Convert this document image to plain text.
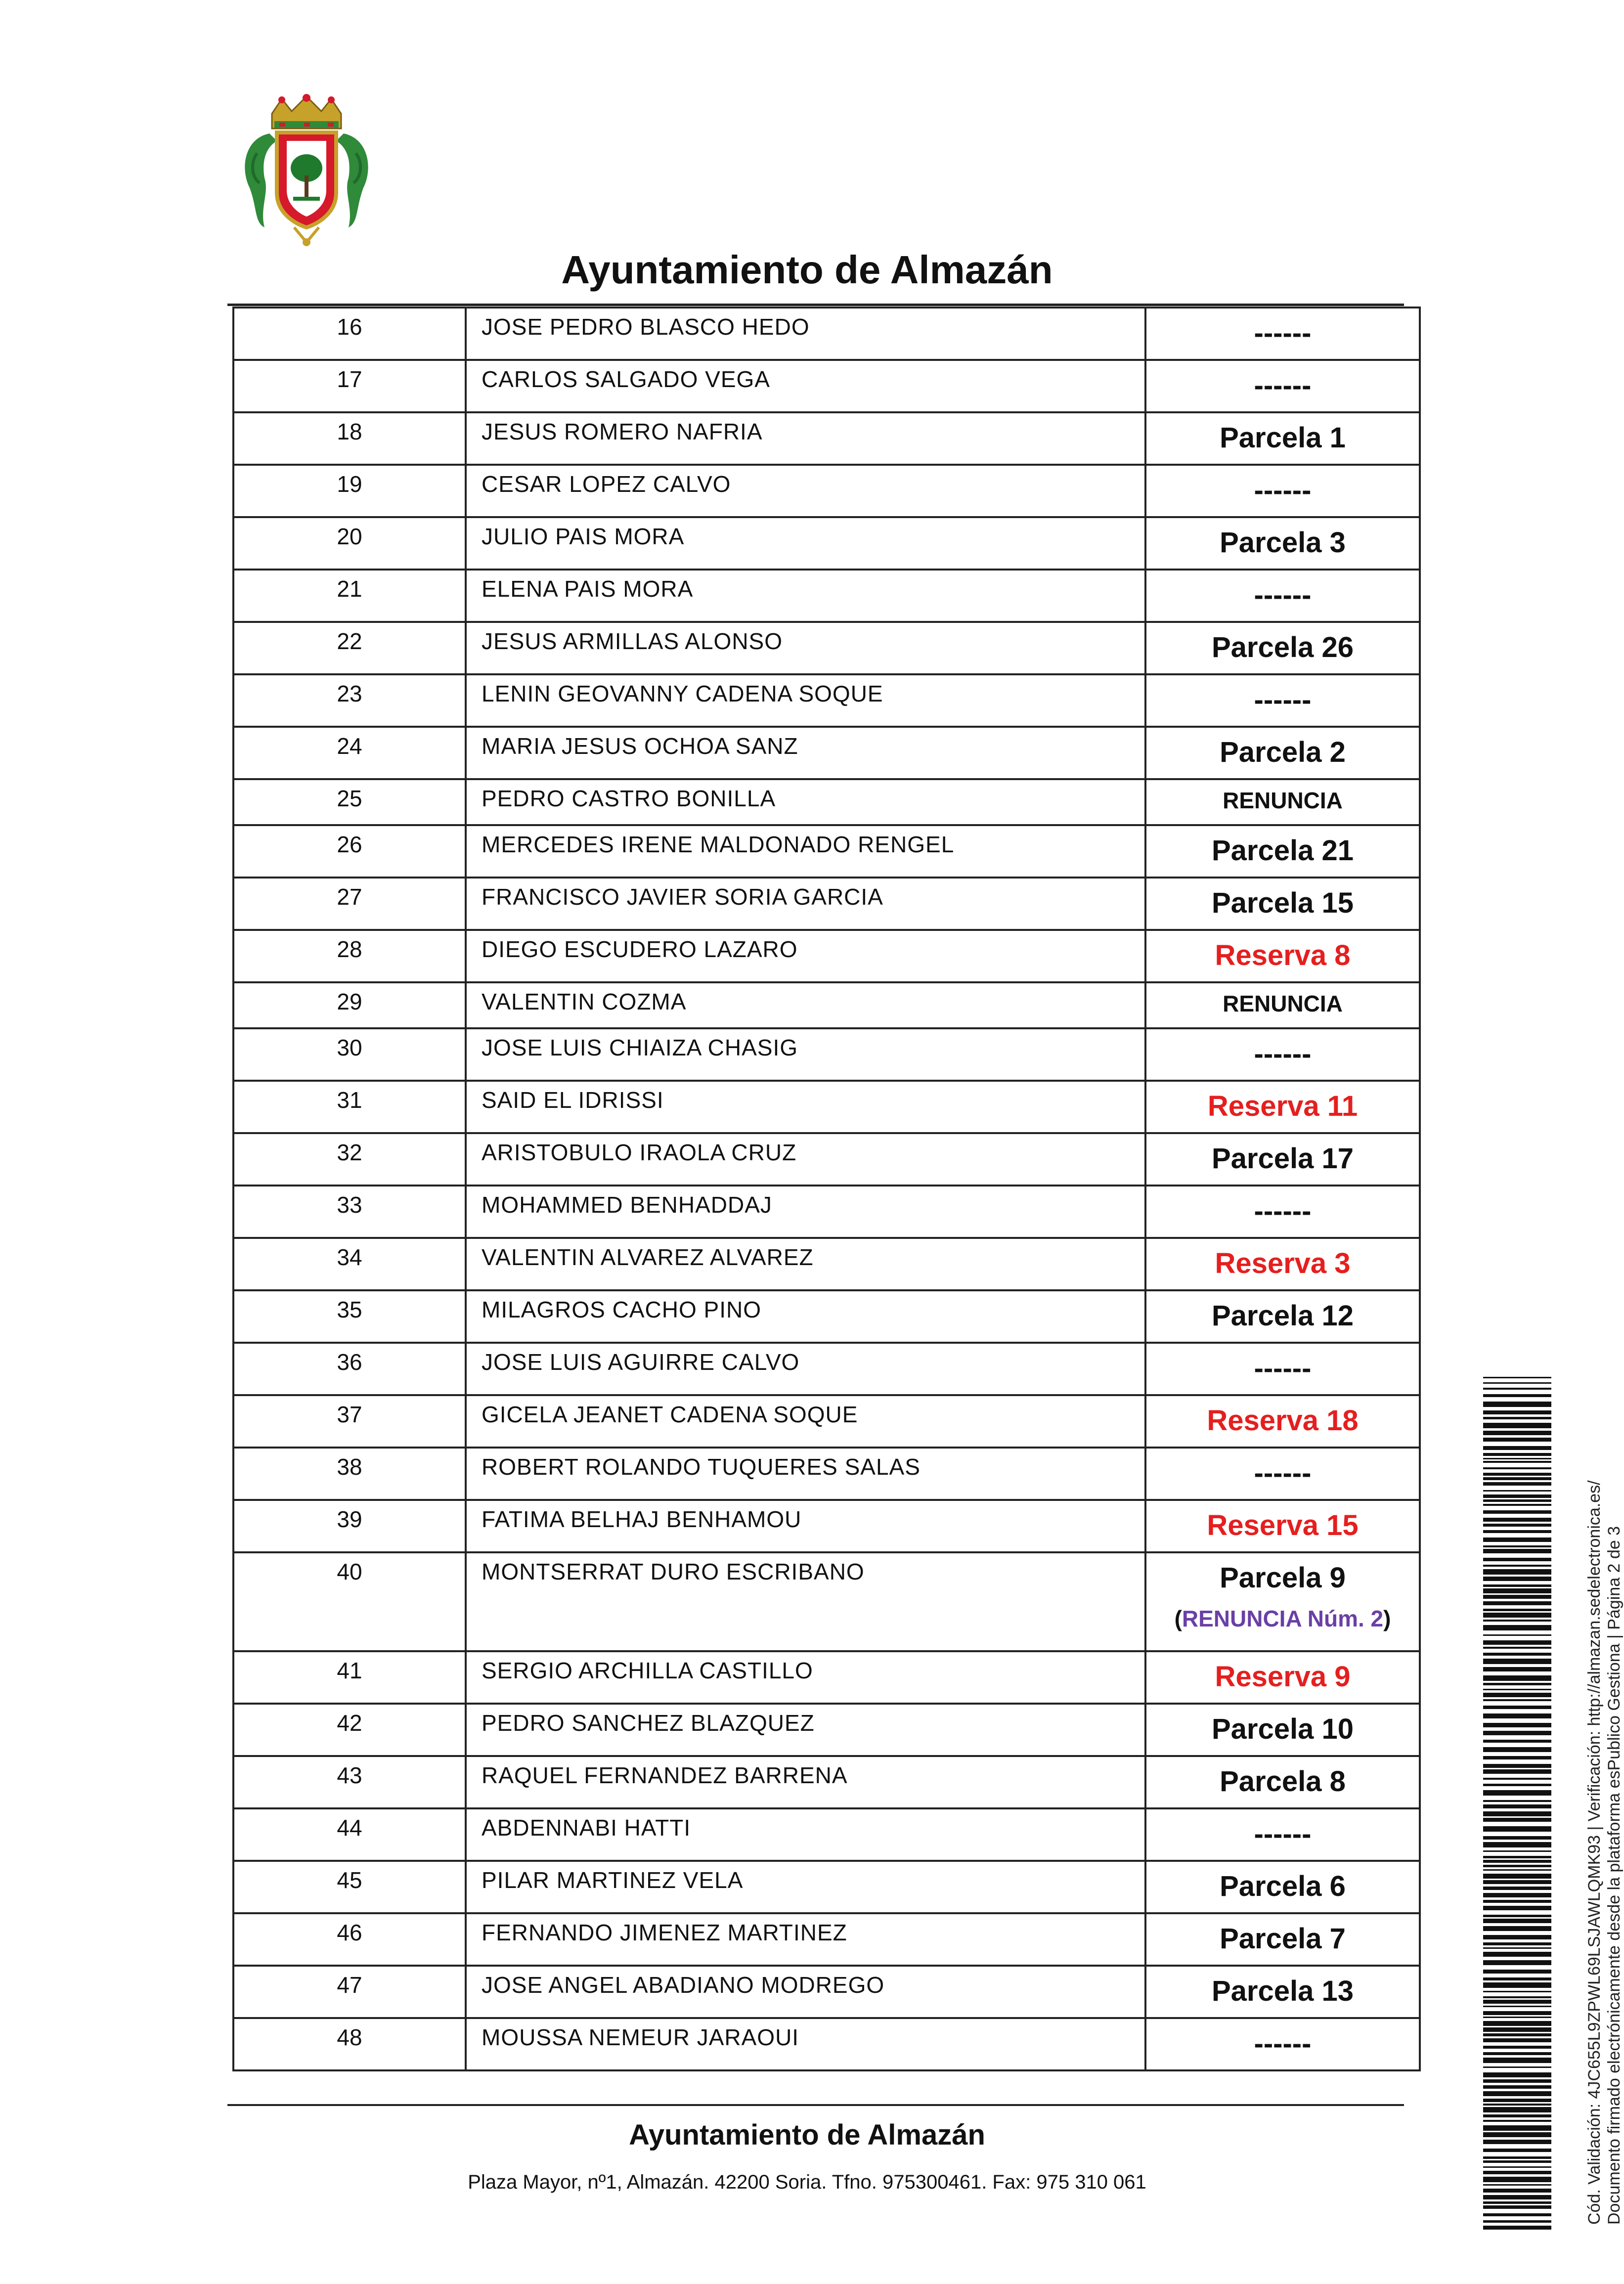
Ayuntamiento de Almazán
16	JOSE PEDRO BLASCO HEDO	------
17	CARLOS SALGADO VEGA	------
18	JESUS ROMERO NAFRIA	Parcela 1
19	CESAR LOPEZ CALVO	------
20	JULIO PAIS MORA	Parcela 3
21	ELENA PAIS MORA	------
22	JESUS ARMILLAS ALONSO	Parcela 26
23	LENIN GEOVANNY CADENA SOQUE	------
24	MARIA JESUS OCHOA SANZ	Parcela 2
25	PEDRO CASTRO BONILLA	RENUNCIA
26	MERCEDES IRENE MALDONADO RENGEL	Parcela 21
27	FRANCISCO JAVIER SORIA GARCIA	Parcela 15
28	DIEGO ESCUDERO LAZARO	Reserva 8
29	VALENTIN COZMA	RENUNCIA
30	JOSE LUIS CHIAIZA CHASIG	------
31	SAID EL IDRISSI	Reserva 11
32	ARISTOBULO IRAOLA CRUZ	Parcela 17
33	MOHAMMED BENHADDAJ	------
34	VALENTIN ALVAREZ ALVAREZ	Reserva 3
35	MILAGROS CACHO PINO	Parcela 12
36	JOSE LUIS AGUIRRE CALVO	------
37	GICELA JEANET CADENA SOQUE	Reserva 18
38	ROBERT ROLANDO TUQUERES SALAS	------
39	FATIMA BELHAJ BENHAMOU	Reserva 15
40	MONTSERRAT DURO ESCRIBANO	Parcela 9
(RENUNCIA Núm. 2)

41	SERGIO ARCHILLA CASTILLO	Reserva 9
42	PEDRO SANCHEZ BLAZQUEZ	Parcela 10
43	RAQUEL FERNANDEZ BARRENA	Parcela 8
44	ABDENNABI HATTI	------
45	PILAR MARTINEZ VELA	Parcela 6
46	FERNANDO JIMENEZ MARTINEZ	Parcela 7
47	JOSE ANGEL ABADIANO MODREGO	Parcela 13
48	MOUSSA NEMEUR JARAOUI	------
Ayuntamiento de Almazán
Plaza Mayor, nº1, Almazán. 42200 Soria. Tfno. 975300461. Fax: 975 310 061	Cód. Validación: 4JC655L9ZPWL69LSJAWLQMK93 | Verificación: http://almazan.sedelectronica.es/ Documento firmado electrónicamente desde la plataforma esPublico Gestiona | Página 2 de 3
